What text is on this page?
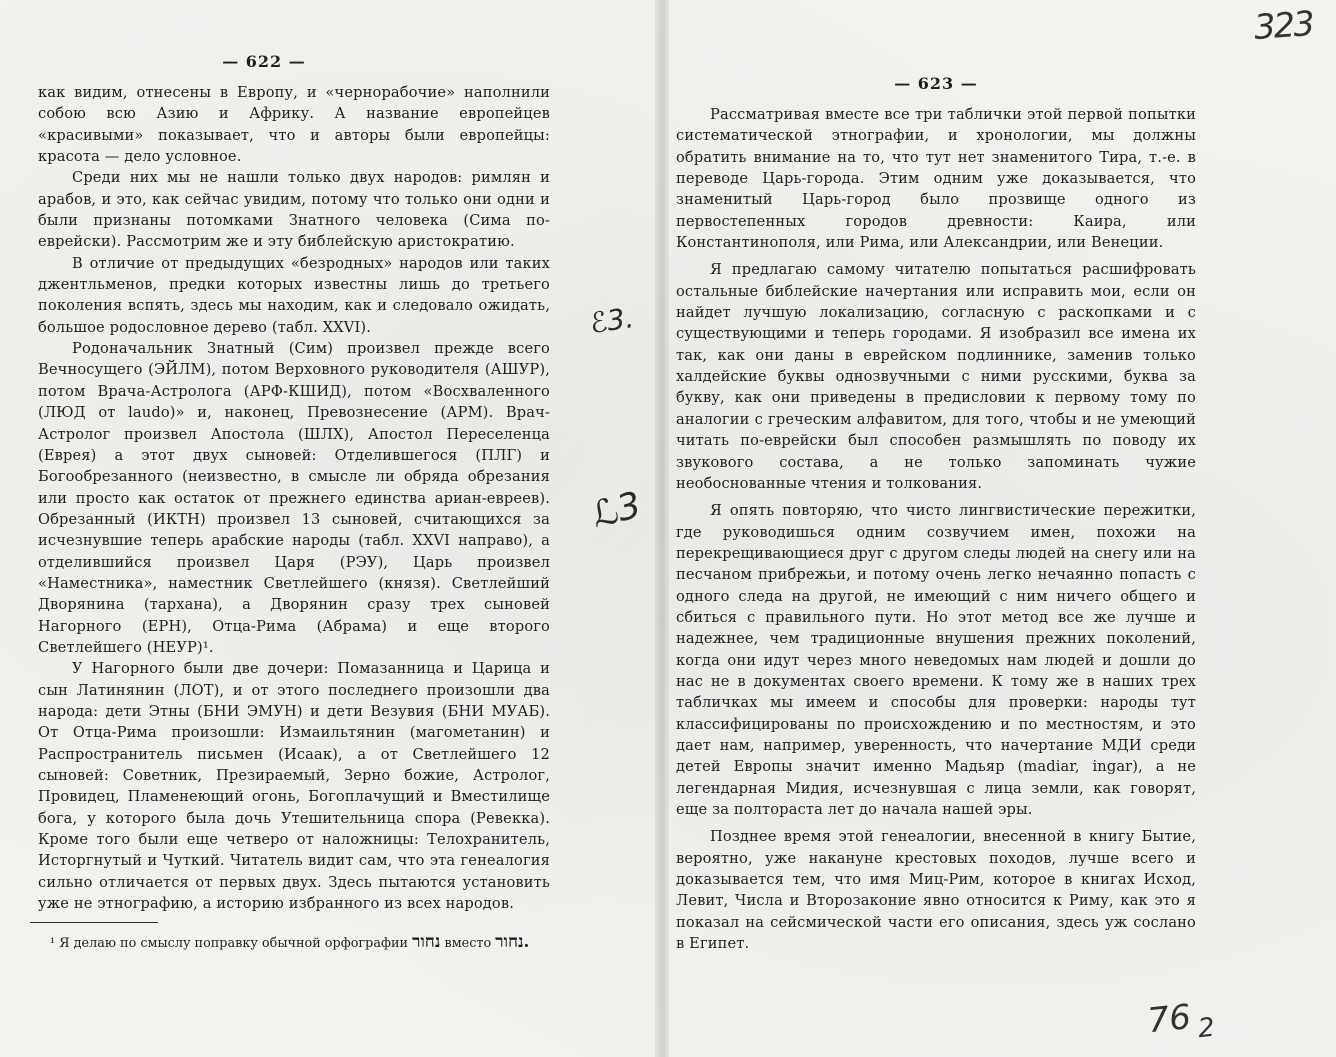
— 622 —

как видим, отнесены в Европу, и «чернорабочие» наполнили собою всю Азию и Африку. А название европейцев «красивыми» показывает, что и авторы были европейцы: красота — дело условное.

Среди них мы не нашли только двух народов: римлян и арабов, и это, как сейчас увидим, потому что только они одни и были признаны потомками Знатного человека (Сима по-еврейски). Рассмотрим же и эту библейскую аристократию.

В отличие от предыдущих «безродных» народов или таких джентльменов, предки которых известны лишь до третьего поколения вспять, здесь мы находим, как и следовало ожидать, большое родословное дерево (табл. XXVI).

Родоначальник Знатный (Сим) произвел прежде всего Вечносущего (ЭЙЛМ), потом Верховного руководителя (АШУР), потом Врача-Астролога (АРФ-КШИД), потом «Восхваленного (ЛЮД от laudo)» и, наконец, Превознесение (АРМ). Врач-Астролог произвел Апостола (ШЛХ), Апостол Переселенца (Еврея) а этот двух сыновей: Отделившегося (ПЛГ) и Богообрезанного (неизвестно, в смысле ли обряда обрезания или просто как остаток от прежнего единства ариан-евреев). Обрезанный (ИКТН) произвел 13 сыновей, считающихся за исчезнувшие теперь арабские народы (табл. XXVI направо), а отделившийся произвел Царя (РЭУ), Царь произвел «Наместника», наместник Светлейшего (князя). Светлейший Дворянина (тархана), а Дворянин сразу трех сыновей Нагорного (ЕРН), Отца-Рима (Абрама) и еще второго Светлейшего (НЕУР)¹.

У Нагорного были две дочери: Помазанница и Царица и сын Латинянин (ЛОТ), и от этого последнего произошли два народа: дети Этны (БНИ ЭМУН) и дети Везувия (БНИ МУАБ). От Отца-Рима произошли: Измаильтянин (магометанин) и Распространитель письмен (Исаак), а от Светлейшего 12 сыновей: Советник, Презираемый, Зерно божие, Астролог, Провидец, Пламенеющий огонь, Богоплачущий и Вместилище бога, у которого была дочь Утешительница спора (Ревекка). Кроме того были еще четверо от наложницы: Телохранитель, Исторгнутый и Чуткий. Читатель видит сам, что эта генеалогия сильно отличается от первых двух. Здесь пытаются установить уже не этнографию, а историю избранного из всех народов.

¹ Я делаю по смыслу поправку обычной орфографии נחור вместо נחור.

— 623 —

Рассматривая вместе все три таблички этой первой попытки систематической этнографии, и хронологии, мы должны обратить внимание на то, что тут нет знаменитого Тира, т.-е. в переводе Царь-города. Этим одним уже доказывается, что знаменитый Царь-город было прозвище одного из первостепенных городов древности: Каира, или Константинополя, или Рима, или Александрии, или Венеции.

Я предлагаю самому читателю попытаться расшифровать остальные библейские начертания или исправить мои, если он найдет лучшую локализацию, согласную с раскопками и с существующими и теперь городами. Я изобразил все имена их так, как они даны в еврейском подлиннике, заменив только халдейские буквы однозвучными с ними русскими, буква за букву, как они приведены в предисловии к первому тому по аналогии с греческим алфавитом, для того, чтобы и не умеющий читать по-еврейски был способен размышлять по поводу их звукового состава, а не только запоминать чужие необоснованные чтения и толкования.

Я опять повторяю, что чисто лингвистические пережитки, где руководишься одним созвучием имен, похожи на перекрещивающиеся друг с другом следы людей на снегу или на песчаном прибрежьи, и потому очень легко нечаянно попасть с одного следа на другой, не имеющий с ним ничего общего и сбиться с правильного пути. Но этот метод все же лучше и надежнее, чем традиционные внушения прежних поколений, когда они идут через много неведомых нам людей и дошли до нас не в документах своего времени. К тому же в наших трех табличках мы имеем и способы для проверки: народы тут классифицированы по происхождению и по местностям, и это дает нам, например, уверенность, что начертание МДИ среди детей Европы значит именно Мадьяр (madiar, ingar), а не легендарная Мидия, исчезнувшая с лица земли, как говорят, еще за полтораста лет до начала нашей эры.

Позднее время этой генеалогии, внесенной в книгу Бытие, вероятно, уже накануне крестовых походов, лучше всего и доказывается тем, что имя Миц-Рим, которое в книгах Исход, Левит, Числа и Второзаконие явно относится к Риму, как это я показал на сейсмической части его описания, здесь уж сослано в Египет.

ℰ3.
ℒ3
323
76 $_2$
